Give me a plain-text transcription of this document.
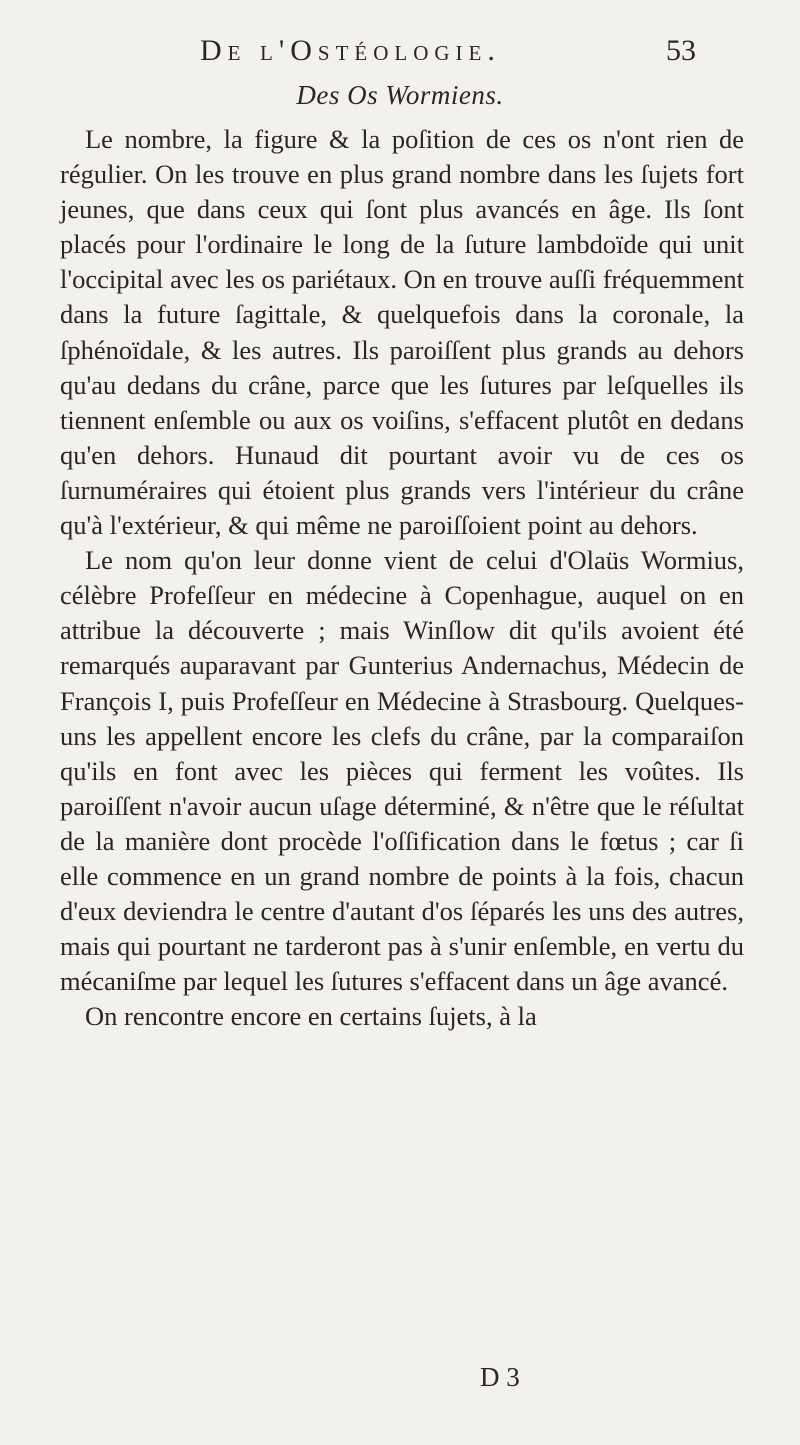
De l'Ostéologie.	53
Des Os Wormiens.

Le nombre, la figure & la poſition de ces os n'ont rien de régulier. On les trouve en plus grand nombre dans les ſujets fort jeunes, que dans ceux qui ſont plus avancés en âge. Ils ſont placés pour l'ordinaire le long de la ſuture lambdoïde qui unit l'occipital avec les os pariétaux. On en trouve auſſi fréquemment dans la future ſagittale, & quelquefois dans la coronale, la ſphénoïdale, & les autres. Ils paroiſſent plus grands au dehors qu'au dedans du crâne, parce que les ſutures par leſquelles ils tiennent enſemble ou aux os voiſins, s'effacent plutôt en dedans qu'en dehors. Hunaud dit pourtant avoir vu de ces os ſurnuméraires qui étoient plus grands vers l'intérieur du crâne qu'à l'extérieur, & qui même ne paroiſſoient point au dehors.

Le nom qu'on leur donne vient de celui d'Olaüs Wormius, célèbre Profeſſeur en médecine à Copenhague, auquel on en attribue la découverte ; mais Winſlow dit qu'ils avoient été remarqués auparavant par Gunterius Andernachus, Médecin de François I, puis Profeſſeur en Médecine à Strasbourg. Quelques-uns les appellent encore les clefs du crâne, par la comparaiſon qu'ils en font avec les pièces qui ferment les voûtes. Ils paroiſſent n'avoir aucun uſage déterminé, & n'être que le réſultat de la manière dont procède l'oſſification dans le fœtus ; car ſi elle commence en un grand nombre de points à la fois, chacun d'eux deviendra le centre d'autant d'os ſéparés les uns des autres, mais qui pourtant ne tarderont pas à s'unir enſemble, en vertu du mécaniſme par lequel les ſutures s'effacent dans un âge avancé.

On rencontre encore en certains ſujets, à la

D 3
